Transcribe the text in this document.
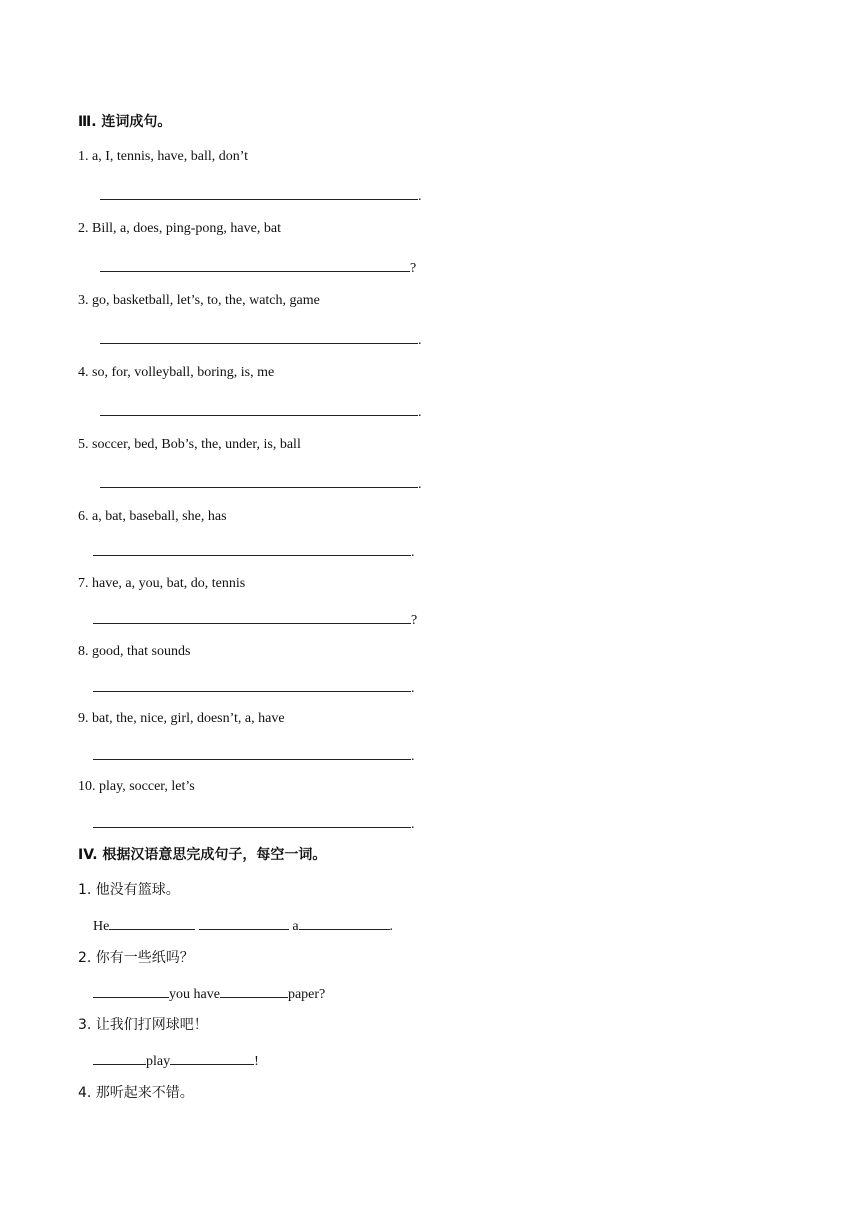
Ⅲ. 连词成句。
1. a, I, tennis, have, ball, don’t
.
2. Bill, a, does, ping-pong, have, bat
?
3. go, basketball, let’s, to, the, watch, game
.
4. so, for, volleyball, boring, is, me
.
5. soccer, bed, Bob’s, the, under, is, ball
.
6. a, bat, baseball, she, has
.
7. have, a, you, bat, do, tennis
?
8. good, that sounds
.
9. bat, the, nice, girl, doesn’t, a, have
.
10. play, soccer, let’s
.
IV. 根据汉语意思完成句子，每空一词。
1. 他没有篮球。
He	a	.
2. 你有一些纸吗？
you have	paper?
3. 让我们打网球吧！
play	!
4. 那听起来不错。
